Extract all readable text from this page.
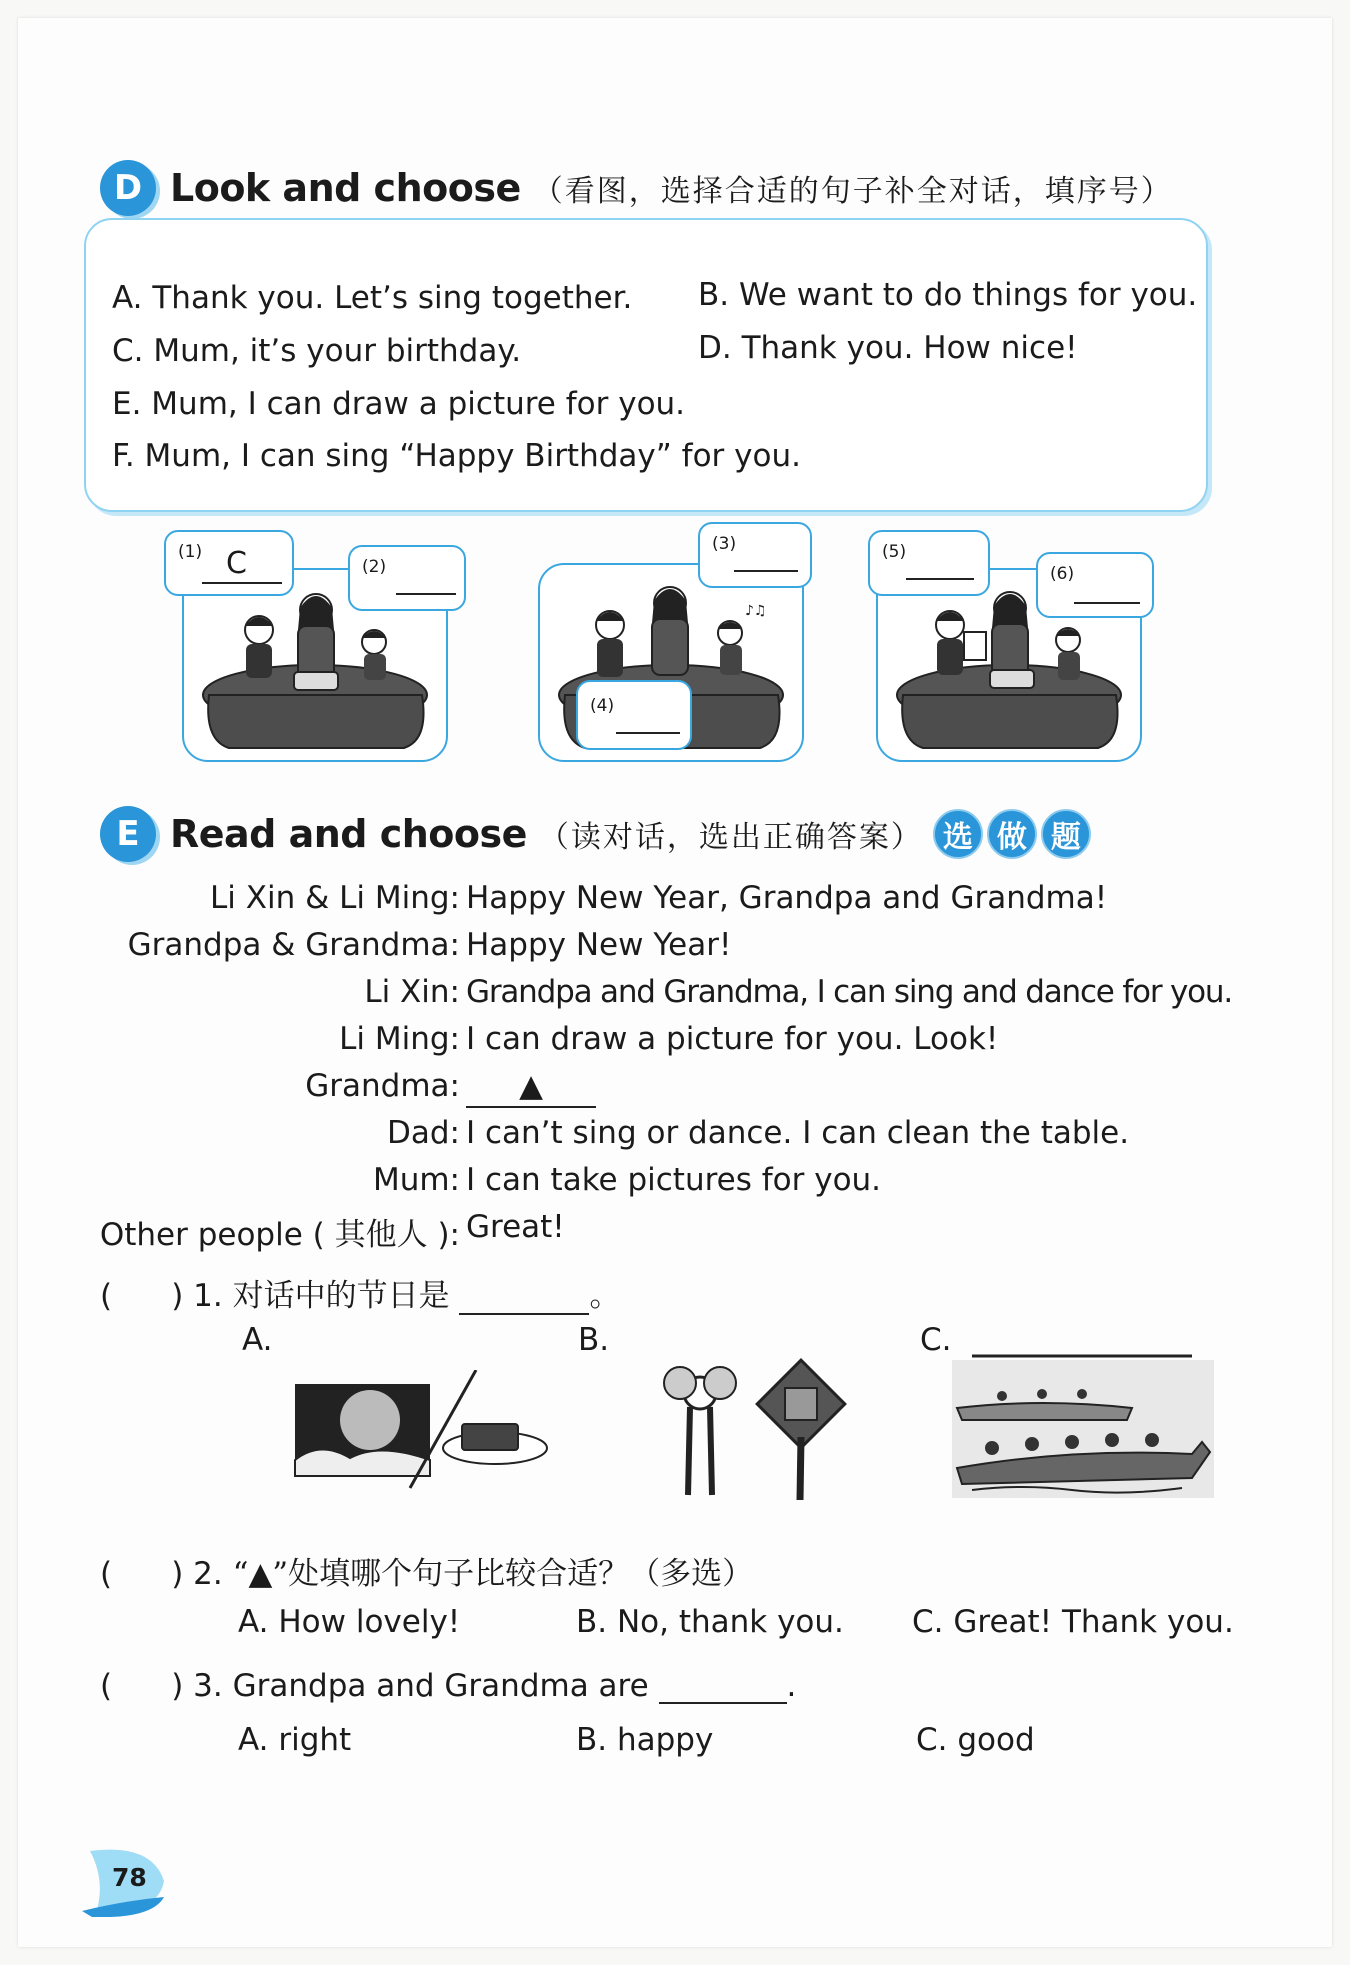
D Look and choose （看图，选择合适的句子补全对话，填序号）
A. Thank you. Let’s sing together. B. We want to do things for you.
C. Mum, it’s your birthday.	D. Thank you. How nice!
E. Mum, I can draw a picture for you.
F. Mum, I can sing “Happy Birthday” for you.
♪♫
(1) C	(2)
(3)
(4)
(5)
(6)
E Read and choose （读对话，选出正确答案） 选 做 题
Li Xin & Li Ming: Happy New Year, Grandpa and Grandma!
Grandpa & Grandma: Happy New Year!
Li Xin: Grandpa and Grandma, I can sing and dance for you.
Li Ming: I can draw a picture for you. Look!
Grandma:	▲
Dad: I can’t sing or dance. I can clean the table.
Mum: I can take pictures for you.
Other people ( 其他人 ): Great!
(      ) 1. 对话中的节日是	。
A.	B.	C.
(      ) 2. “▲”处填哪个句子比较合适？（多选）
A. How lovely!	B. No, thank you. C. Great! Thank you.
(      ) 3. Grandpa and Grandma are	.
A. right	B. happy	C. good
78
